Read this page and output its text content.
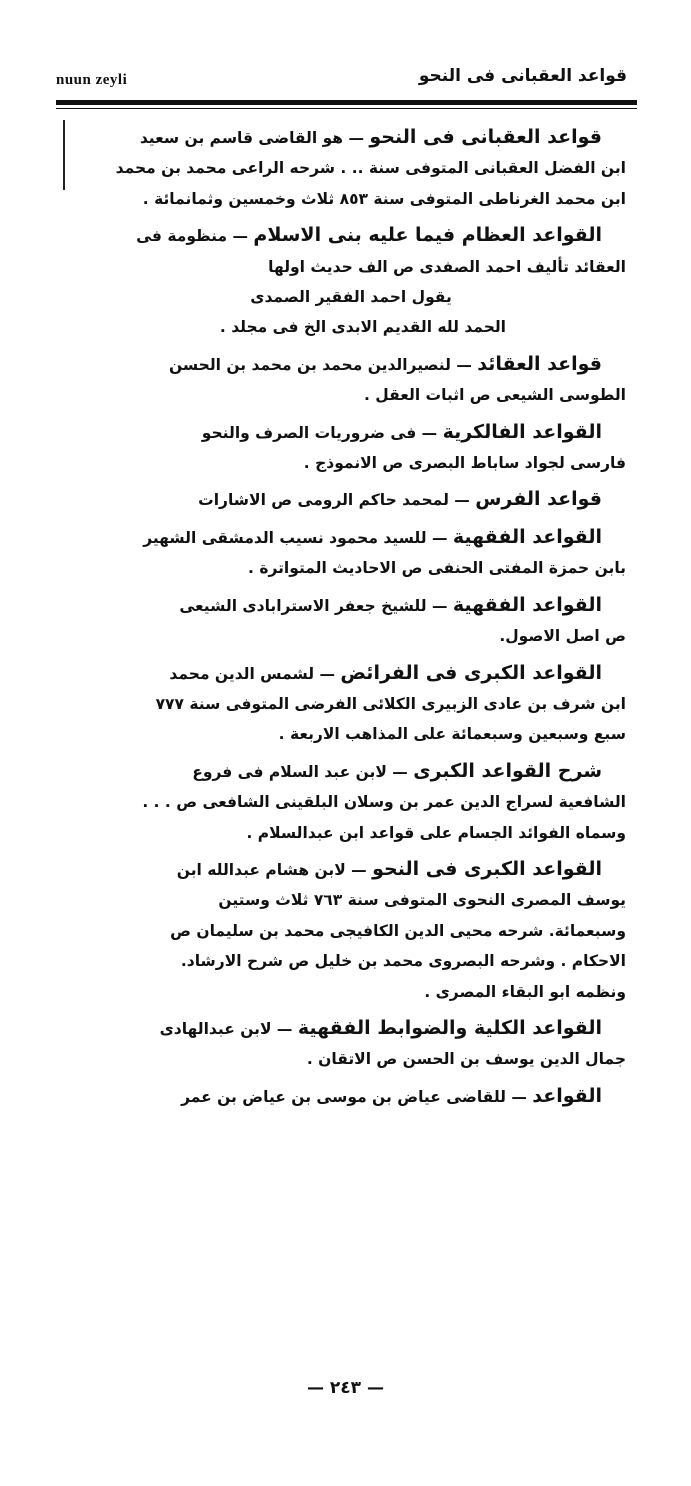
nuun zeyli	قواعد العقبانى فى النحو
قواعد العقبانى فى النحو — هو القاضى قاسم بن سعيد
ابن الفضل العقبانى المتوفى سنة .. . شرحه الراعى محمد بن محمد
ابن محمد الغرناطى المتوفى سنة ٨٥٣ ثلاث وخمسين وثمانمائة .
القواعد العظام فيما عليه بنى الاسلام — منظومة فى
العقائد تأليف احمد الصفدى ص الف حديث اولها
يقول احمد الفقير الصمدى
الحمد لله القديم الابدى الخ فى مجلد .
قواعد العقائد — لنصيرالدين محمد بن محمد بن الحسن
الطوسى الشيعى ص اثبات العقل .
القواعد الفالكرية — فى ضروريات الصرف والنحو
فارسى لجواد ساباط البصرى ص الانموذج .
قواعد الفرس — لمحمد حاكم الرومى ص الاشارات
القواعد الفقهية — للسيد محمود نسيب الدمشقى الشهير
بابن حمزة المفتى الحنفى ص الاحاديث المتواترة .
القواعد الفقهية — للشيخ جعفر الاسترابادى الشيعى
ص اصل الاصول.
القواعد الكبرى فى الفرائض — لشمس الدين محمد
ابن شرف بن عادى الزبيرى الكلائى الفرضى المتوفى سنة ٧٧٧
سبع وسبعين وسبعمائة على المذاهب الاربعة .
شرح القواعد الكبرى — لابن عبد السلام فى فروع
الشافعية لسراج الدين عمر بن وسلان البلقينى الشافعى ص . . .
وسماه الفوائد الجسام على قواعد ابن عبدالسلام .
القواعد الكبرى فى النحو — لابن هشام عبدالله ابن
يوسف المصرى النحوى المتوفى سنة ٧٦٣ ثلاث وستين
وسبعمائة. شرحه محيى الدين الكافيجى محمد بن سليمان ص
الاحكام . وشرحه البصروى محمد بن خليل ص شرح الارشاد.
ونظمه ابو البقاء المصرى .
القواعد الكلية والضوابط الفقهية — لابن عبدالهادى
جمال الدين يوسف بن الحسن ص الاتقان .
القواعد — للقاضى عياض بن موسى بن عياض بن عمر
— ٢٤٣ —
